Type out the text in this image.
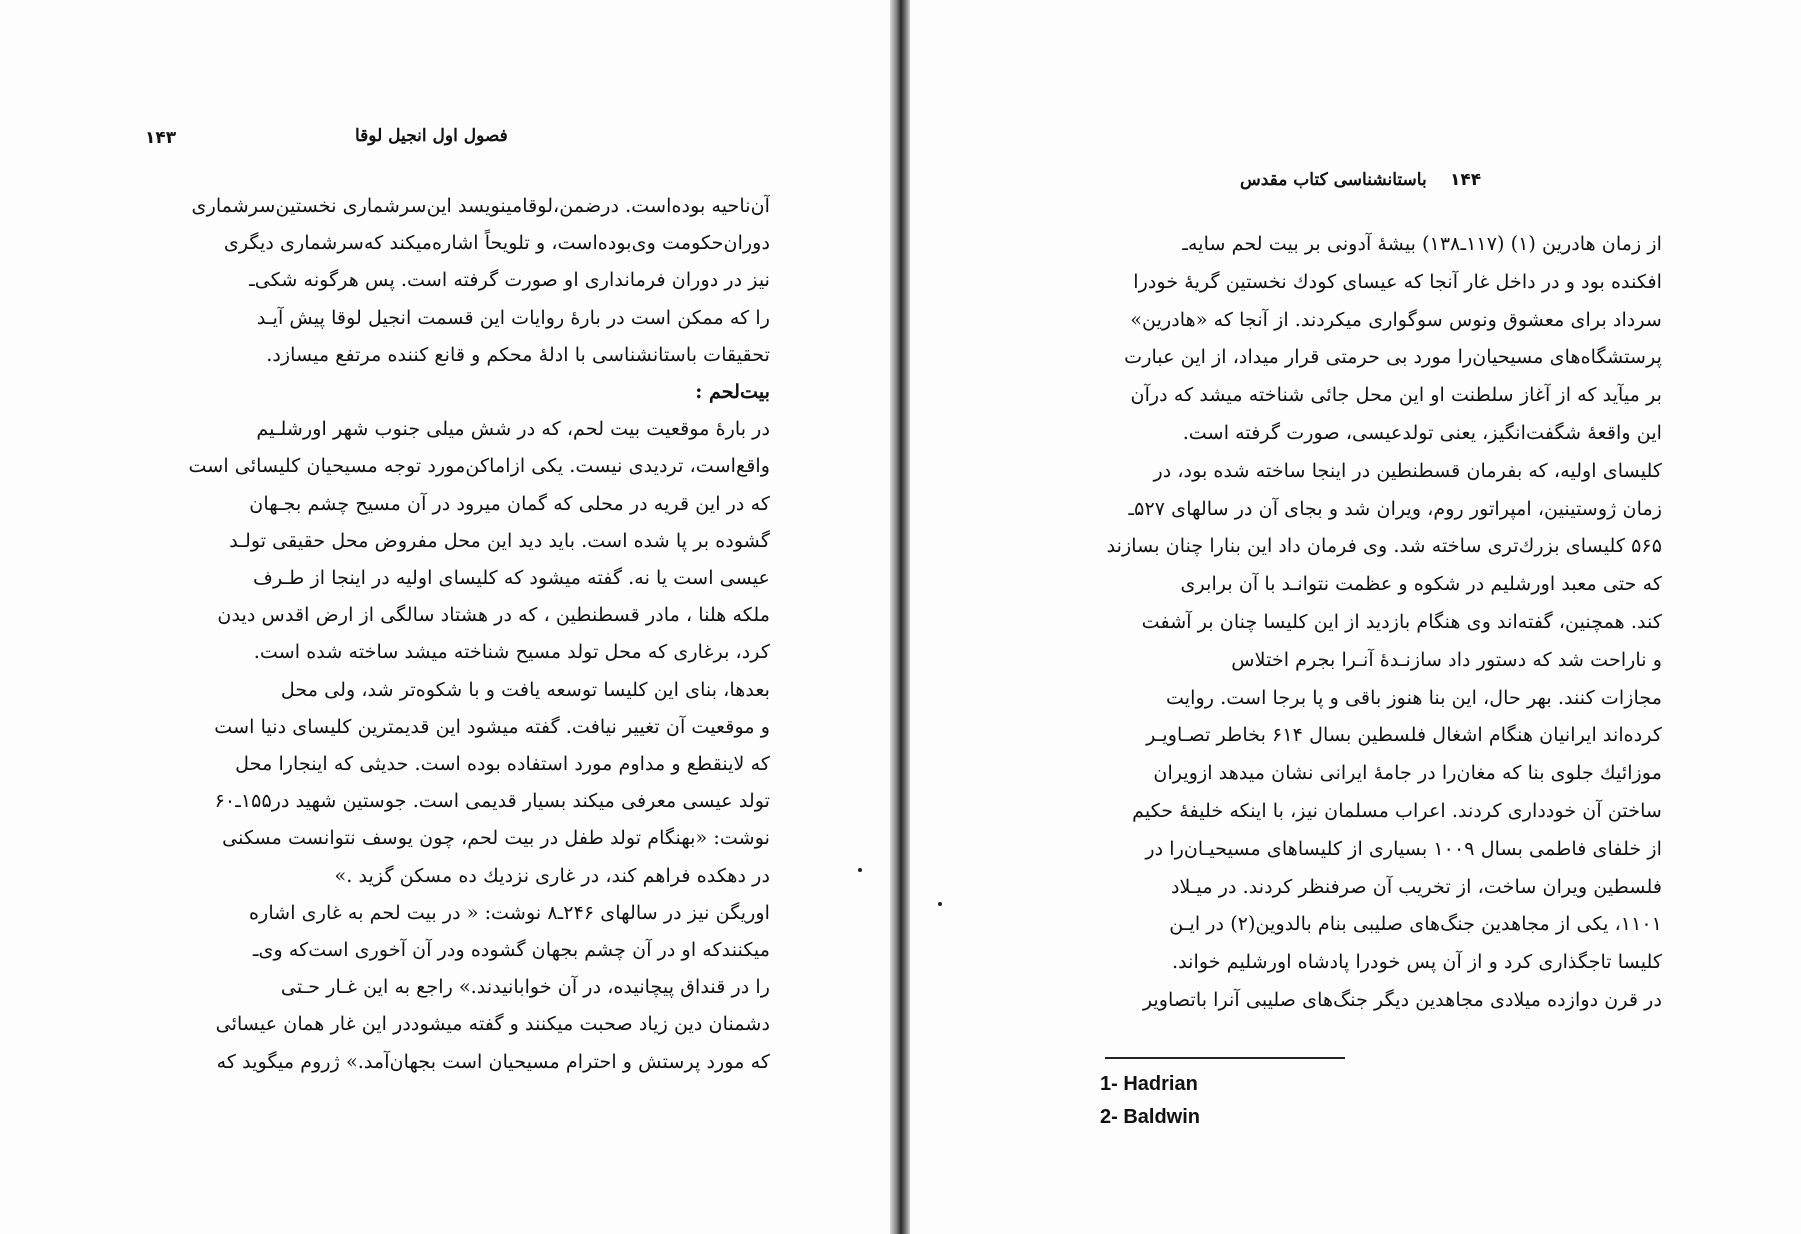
۱۴۳	فصول اول انجیل لوقا
آن‌ناحیه بوده‌است. درضمن،لوقامینویسد این‌سرشماری نخستین‌سرشماری
دوران‌حکومت وی‌بوده‌است، و تلویحاً اشاره‌میکند که‌سرشماری دیگری
نیز در دوران فرمانداری او صورت گرفته است. پس هرگونه شکی‌ـ
را که ممکن است در بارهٔ روایات این قسمت انجیل لوقا پیش آیـد
تحقیقات باستانشناسی با ادلهٔ محکم و قانع کننده مرتفع میسازد.
بیت‌لحم :
در بارهٔ موقعیت بیت لحم، که در شش میلی جنوب شهر اورشلـیم
واقع‌است، تردیدی نیست. یکی ازاماکن‌مورد توجه مسیحیان کلیسائی است
که در این قریه در محلی که گمان میرود در آن مسیح چشم بجـهان
گشوده بر پا شده است. باید دید این محل مفروض محل حقیقی تولـد
عیسی است یا نه. گفته میشود که کلیسای اولیه در اینجا از طـرف
ملکه هلنا ، مادر قسطنطین ، که در هشتاد سالگی از ارض اقدس دیدن
کرد، برغاری که محل تولد مسیح شناخته میشد ساخته شده است.
بعدها، بنای این کلیسا توسعه یافت و با شکوه‌تر شد، ولی محل
و موقعیت آن تغییر نیافت. گفته میشود این قدیمترین کلیسای دنیا است
که لاینقطع و مداوم مورد استفاده بوده است. حدیثی که اینجارا محل
تولد عیسی معرفی میکند بسیار قدیمی است. جوستین شهید در۱۵۵ـ۶۰
نوشت: «بهنگام تولد طفل در بیت لحم، چون یوسف نتوانست مسکنی
در دهکده فراهم کند، در غاری نزدیك ده مسکن گزید .»
اوریگن نیز در سالهای ۲۴۶ـ۸ نوشت: « در بیت لحم به غاری اشاره
میکنندکه او در آن چشم بجهان گشوده ودر آن آخوری است‌که وی‌ـ
را در قنداق پیچانیده، در آن خوابانیدند.» راجع به این غـار حـتی
دشمنان دین زیاد صحبت میکنند و گفته میشوددر این غار همان عیسائی
که مورد پرستش و احترام مسیحیان است بجهان‌آمد.» ژروم میگوید که
۱۴۴
باستانشناسی کتاب مقدس
از زمان هادرین (۱) (۱۱۷ـ۱۳۸) بیشهٔ آدونی بر بیت لحم سایه‌ـ
افکنده بود و در داخل غار آنجا که عیسای کودك نخستین گریهٔ خودرا
سرداد برای معشوق ونوس سوگواری میکردند. از آنجا که «هادرین»
پرستشگاه‌های مسیحیان‌را مورد بی حرمتی قرار میداد، از این عبارت
بر میآید که از آغاز سلطنت او این محل جائی شناخته میشد که درآن
این واقعهٔ شگفت‌انگیز، یعنی تولدعیسی، صورت گرفته است.
کلیسای اولیه، که بفرمان قسطنطین در اینجا ساخته شده بود، در
زمان ژوستینین، امپراتور روم، ویران شد و بجای آن در سالهای ۵۲۷ـ
۵۶۵ کلیسای بزرك‌تری ساخته شد. وی فرمان داد این بنارا چنان بسازند
که حتی معبد اورشلیم در شکوه و عظمت نتوانـد با آن برابری
کند. همچنین، گفته‌اند وی هنگام بازدید از این کلیسا چنان بر آشفت
و ناراحت شد که دستور داد سازنـدهٔ آنـرا بجرم اختلاس
مجازات کنند. بهر حال، این بنا هنوز باقی و پا برجا است. روایت
کرده‌اند ایرانیان هنگام اشغال فلسطین بسال ۶۱۴ بخاطر تصـاویـر
موزائیك جلوی بنا که مغان‌را در جامهٔ ایرانی نشان میدهد ازویران
ساختن آن خودداری کردند. اعراب مسلمان نیز، با اینکه خلیفهٔ حکیم
از خلفای فاطمی بسال ۱۰۰۹ بسیاری از کلیساهای مسیحیـان‌را در
فلسطین ویران ساخت، از تخریب آن صرفنظر کردند. در میـلاد
۱۱۰۱، یکی از مجاهدین جنگ‌های صلیبی بنام بالدوین(۲) در ایـن
کلیسا تاجگذاری کرد و از آن پس خودرا پادشاه اورشلیم خواند.
در قرن دوازده میلادی مجاهدین دیگر جنگ‌های صلیبی آنرا باتصاویر
1- Hadrian
2- Baldwin
